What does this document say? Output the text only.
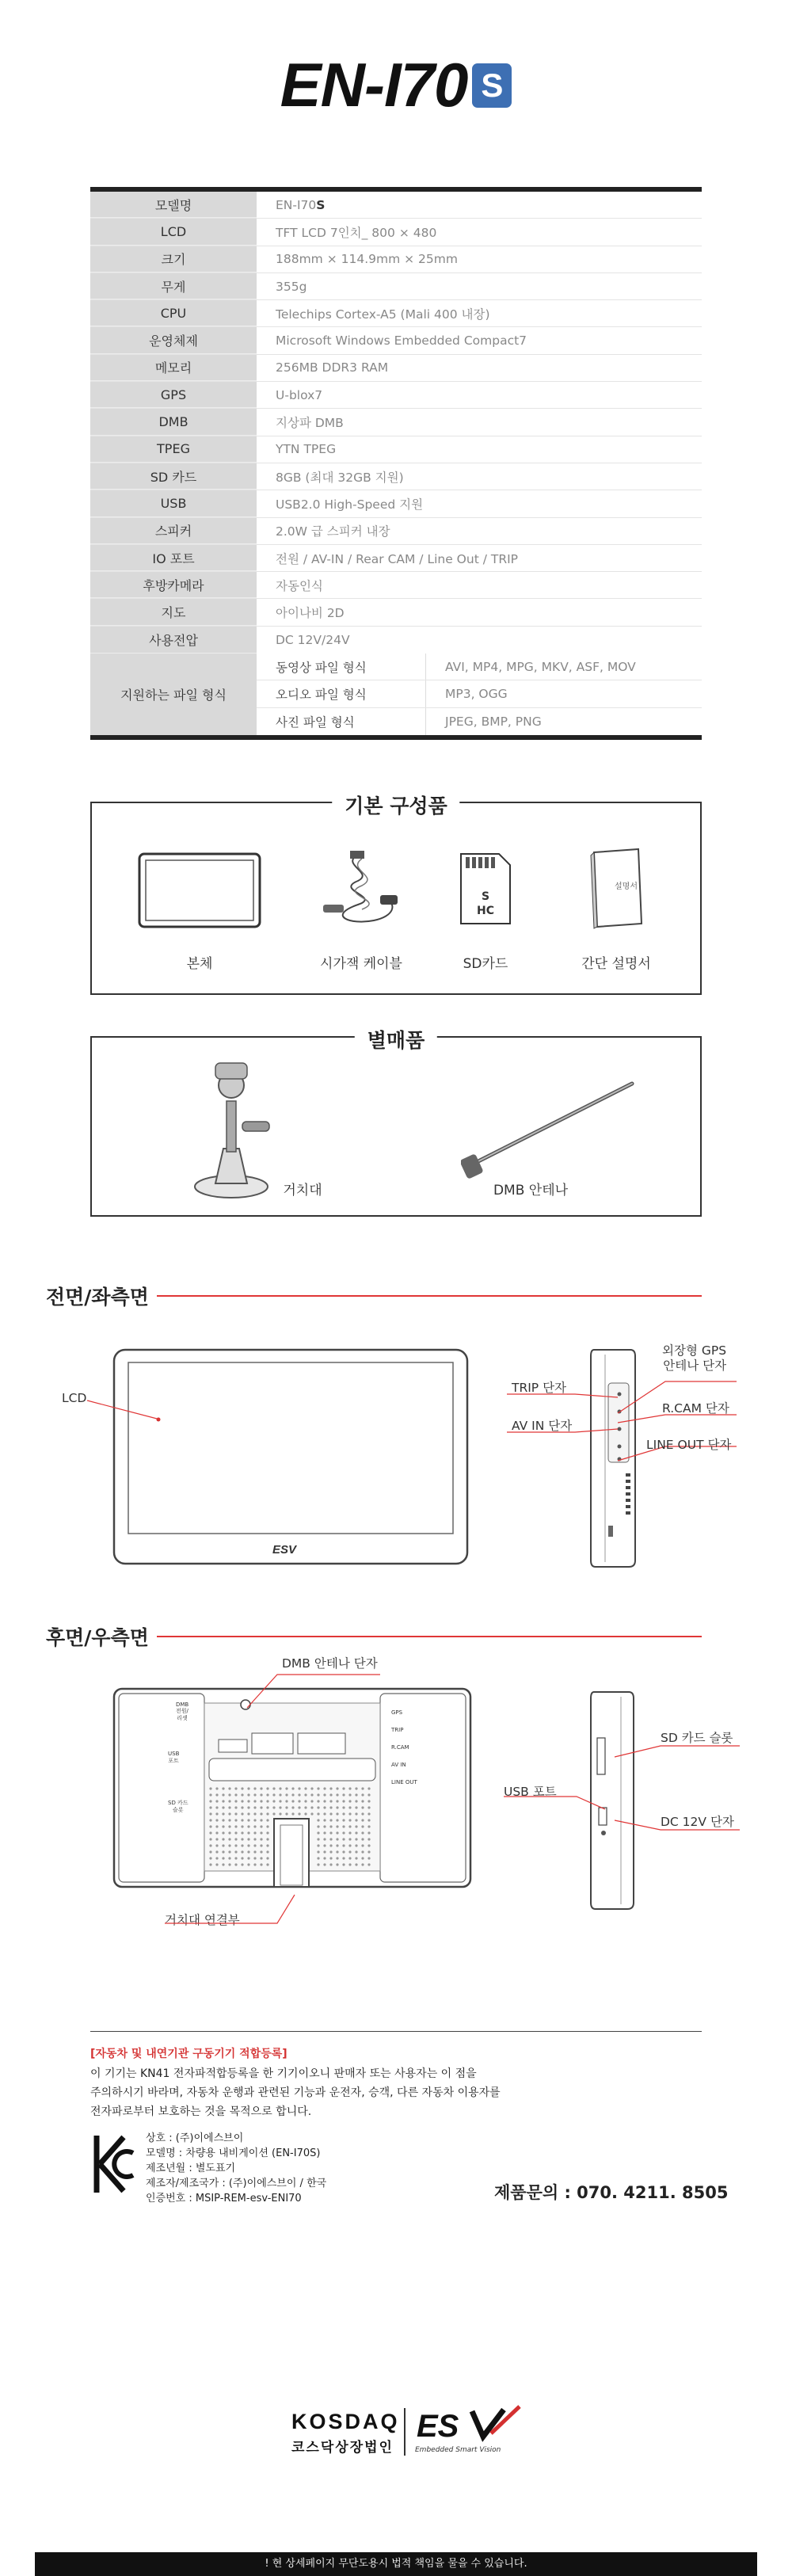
EN-I70 S
모델명	EN-I70 S
LCD	TFT LCD 7인치_ 800 × 480
크기	188mm × 114.9mm × 25mm
무게	355g
CPU	Telechips Cortex-A5 (Mali 400 내장)
운영체제	Microsoft Windows Embedded Compact7
메모리	256MB DDR3 RAM
GPS	U-blox7
DMB	지상파 DMB
TPEG	YTN TPEG
SD 카드	8GB (최대 32GB 지원)
USB	USB2.0 High-Speed 지원
스피커	2.0W 급 스피커 내장
IO 포트	전원 / AV-IN / Rear CAM / Line Out / TRIP
후방카메라	자동인식
지도	아이나비 2D
사용전압	DC 12V/24V
지원하는 파일 형식
동영상 파일 형식	AVI, MP4, MPG, MKV, ASF, MOV
오디오 파일 형식	MP3, OGG
사진 파일 형식	JPEG, BMP, PNG
기본 구성품
S
HC
설명서
본체	시가잭 케이블	SD카드	간단 설명서
별매품
거치대	DMB 안테나
전면/좌측면
ESV
LCD
TRIP 단자
AV IN 단자
외장형 GPS
안테나 단자
R.CAM 단자
LINE OUT 단자
후면/우측면
DMB
전원/
리셋
USB
포트
SD 카드
슬롯
GPS
TRIP
R.CAM
AV IN
LINE OUT
DMB 안테나 단자
거치대 연결부
USB 포트
SD 카드 슬롯
DC 12V 단자
[자동차 및 내연기관 구동기기 적합등록]
이 기기는 KN41 전자파적합등록을 한 기기이오니 판매자 또는 사용자는 이 점을
주의하시기 바라며, 자동차 운행과 관련된 기능과 운전자, 승객, 다른 자동차 이용자를
전자파로부터 보호하는 것을 목적으로 합니다.
상호 : (주)이에스브이
모델명 : 차량용 내비게이션 (EN-I70S)
제조년월 : 별도표기
제조자/제조국가 : (주)이에스브이 / 한국
인증번호 : MSIP-REM-esv-ENI70	제품문의 : 070. 4211. 8505
KOSDAQ
코스닥상장법인
ES
Embedded Smart Vision
! 현 상세페이지 무단도용시 법적 책임을 물을 수 있습니다.
